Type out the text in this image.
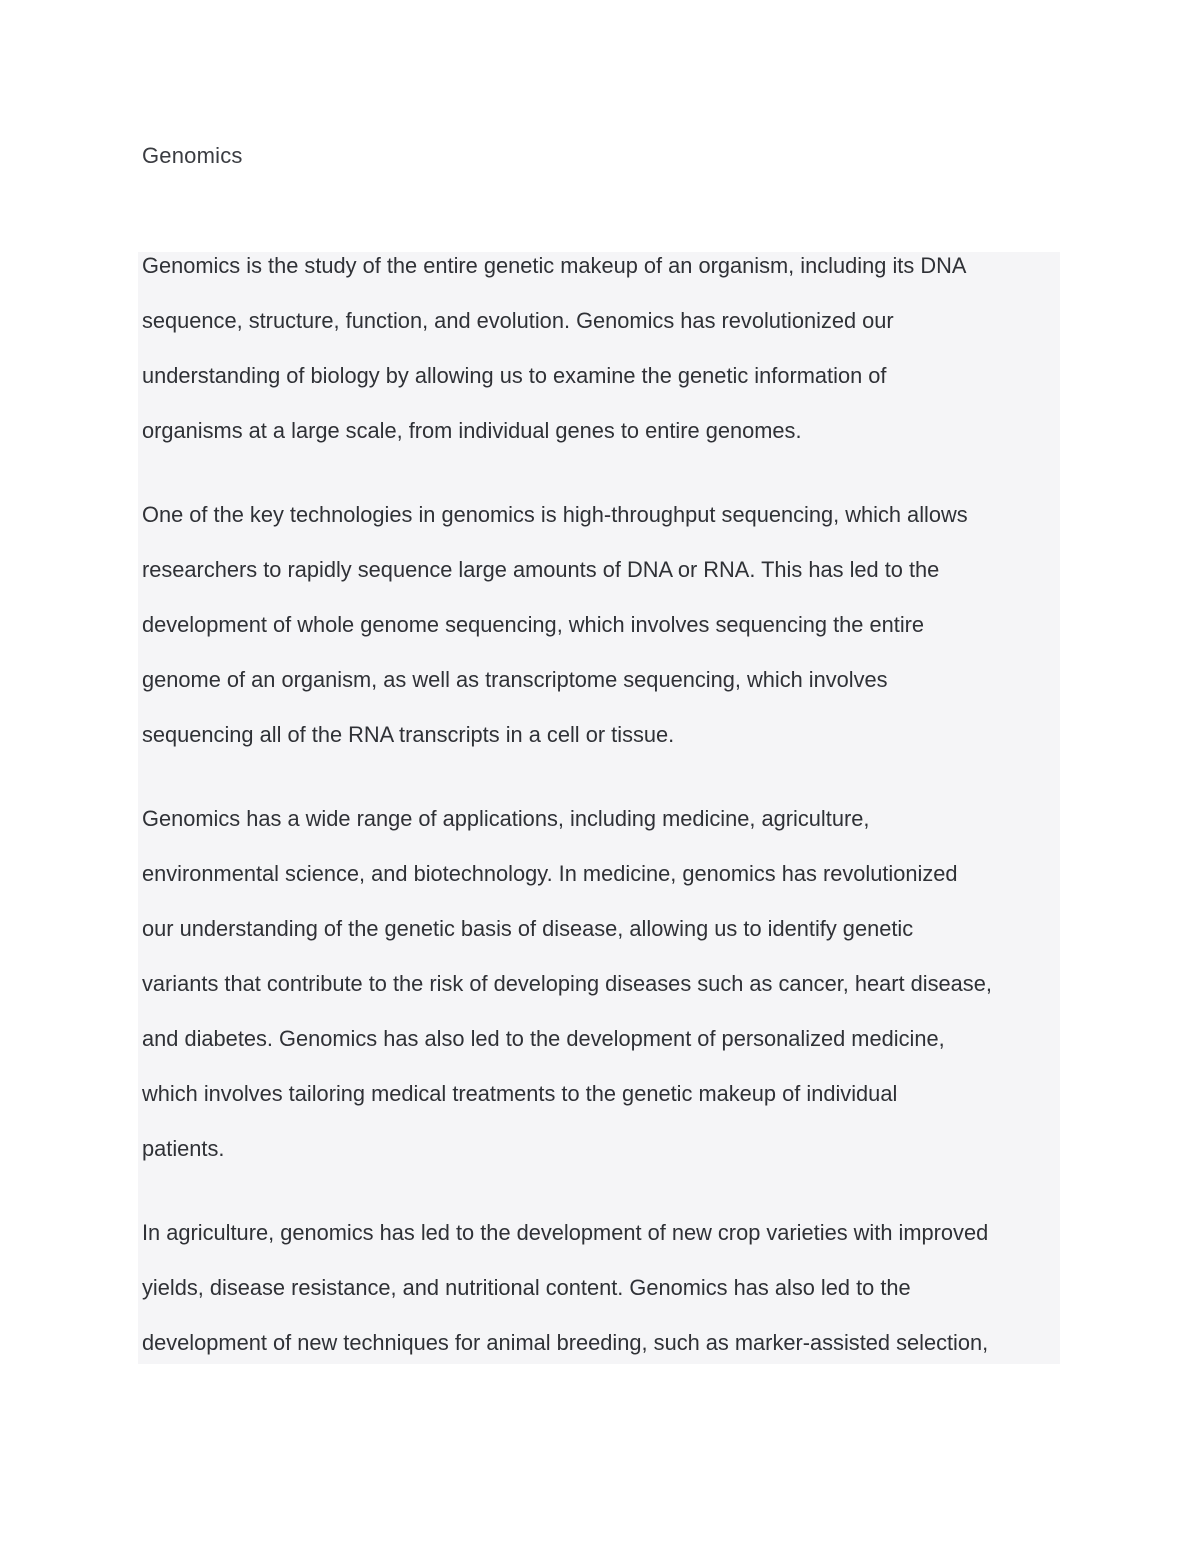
Genomics

Genomics is the study of the entire genetic makeup of an organism, including its DNA
sequence, structure, function, and evolution. Genomics has revolutionized our
understanding of biology by allowing us to examine the genetic information of
organisms at a large scale, from individual genes to entire genomes.

One of the key technologies in genomics is high-throughput sequencing, which allows
researchers to rapidly sequence large amounts of DNA or RNA. This has led to the
development of whole genome sequencing, which involves sequencing the entire
genome of an organism, as well as transcriptome sequencing, which involves
sequencing all of the RNA transcripts in a cell or tissue.

Genomics has a wide range of applications, including medicine, agriculture,
environmental science, and biotechnology. In medicine, genomics has revolutionized
our understanding of the genetic basis of disease, allowing us to identify genetic
variants that contribute to the risk of developing diseases such as cancer, heart disease,
and diabetes. Genomics has also led to the development of personalized medicine,
which involves tailoring medical treatments to the genetic makeup of individual
patients.

In agriculture, genomics has led to the development of new crop varieties with improved
yields, disease resistance, and nutritional content. Genomics has also led to the
development of new techniques for animal breeding, such as marker-assisted selection,
